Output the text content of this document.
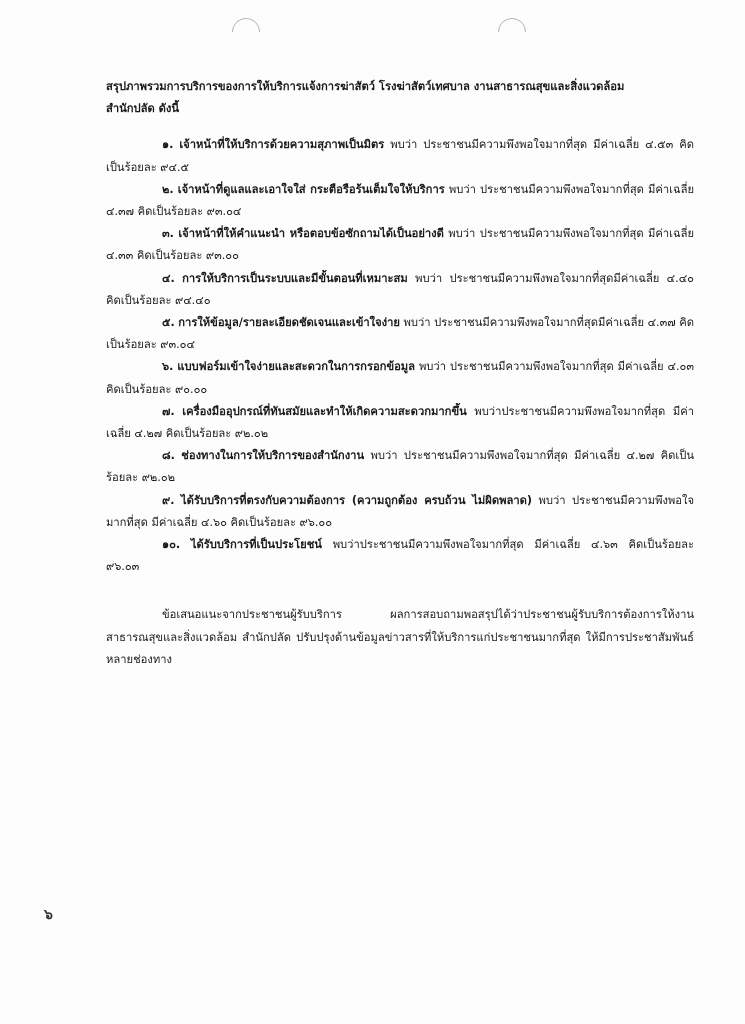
สรุปภาพรวมการบริการของการให้บริการแจ้งการฆ่าสัตว์ โรงฆ่าสัตว์เทศบาล งานสาธารณสุขและสิ่งแวดล้อม
สำนักปลัด ดังนี้

๑. เจ้าหน้าที่ให้บริการด้วยความสุภาพเป็นมิตร พบว่า ประชาชนมีความพึงพอใจมากที่สุด มีค่าเฉลี่ย ๔.๕๓ คิดเป็นร้อยละ ๙๔.๕

๒. เจ้าหน้าที่ดูแลและเอาใจใส่ กระตือรือร้นเต็มใจให้บริการ พบว่า ประชาชนมีความพึงพอใจมากที่สุด มีค่าเฉลี่ย ๔.๓๗ คิดเป็นร้อยละ ๙๓.๐๔

๓. เจ้าหน้าที่ให้คำแนะนำ หรือตอบข้อซักถามได้เป็นอย่างดี พบว่า ประชาชนมีความพึงพอใจมากที่สุด มีค่าเฉลี่ย ๔.๓๓ คิดเป็นร้อยละ ๙๓.๐๐

๔. การให้บริการเป็นระบบและมีขั้นตอนที่เหมาะสม พบว่า ประชาชนมีความพึงพอใจมากที่สุดมีค่าเฉลี่ย ๔.๔๐ คิดเป็นร้อยละ ๙๔.๔๐

๕. การให้ข้อมูล/รายละเอียดชัดเจนและเข้าใจง่าย พบว่า ประชาชนมีความพึงพอใจมากที่สุดมีค่าเฉลี่ย ๔.๓๗ คิดเป็นร้อยละ ๙๓.๐๔

๖. แบบฟอร์มเข้าใจง่ายและสะดวกในการกรอกข้อมูล พบว่า ประชาชนมีความพึงพอใจมากที่สุด มีค่าเฉลี่ย ๔.๐๓ คิดเป็นร้อยละ ๙๐.๐๐

๗. เครื่องมืออุปกรณ์ที่ทันสมัยและทำให้เกิดความสะดวกมากขึ้น พบว่าประชาชนมีความพึงพอใจมากที่สุด มีค่าเฉลี่ย ๔.๒๗ คิดเป็นร้อยละ ๙๒.๐๒

๘. ช่องทางในการให้บริการของสำนักงาน พบว่า ประชาชนมีความพึงพอใจมากที่สุด มีค่าเฉลี่ย ๔.๒๗ คิดเป็นร้อยละ ๙๒.๐๒

๙. ได้รับบริการที่ตรงกับความต้องการ (ความถูกต้อง ครบถ้วน ไม่ผิดพลาด) พบว่า ประชาชนมีความพึงพอใจมากที่สุด มีค่าเฉลี่ย ๔.๖๐ คิดเป็นร้อยละ ๙๖.๐๐

๑๐. ได้รับบริการที่เป็นประโยชน์ พบว่าประชาชนมีความพึงพอใจมากที่สุด มีค่าเฉลี่ย ๔.๖๓ คิดเป็นร้อยละ ๙๖.๐๓

ข้อเสนอแนะจากประชาชนผู้รับบริการ ผลการสอบถามพอสรุปได้ว่าประชาชนผู้รับบริการต้องการให้งานสาธารณสุขและสิ่งแวดล้อม สำนักปลัด ปรับปรุงด้านข้อมูลข่าวสารที่ให้บริการแก่ประชาชนมากที่สุด ให้มีการประชาสัมพันธ์หลายช่องทาง

๖
